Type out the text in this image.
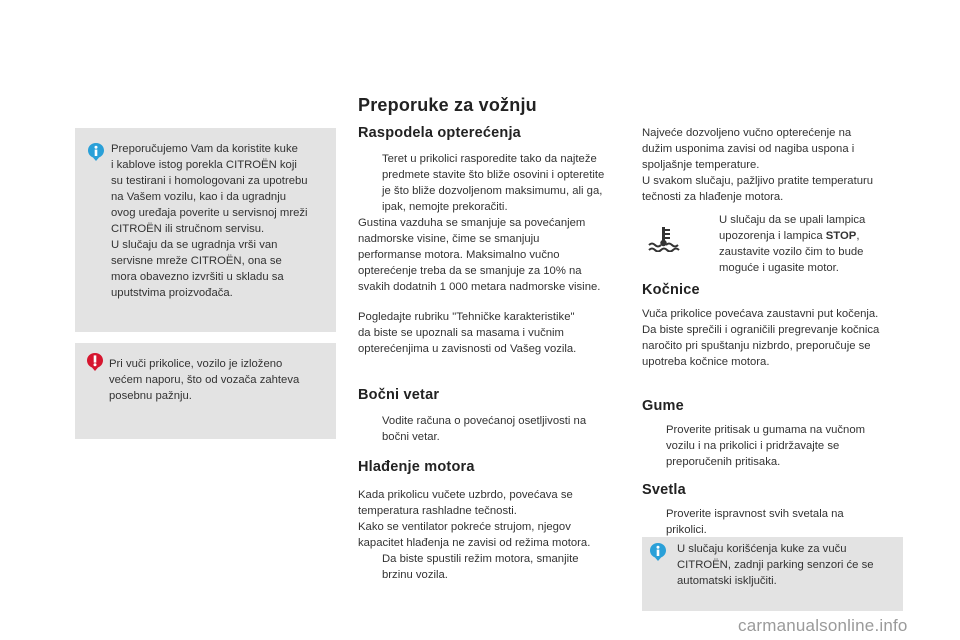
Preporučujemo Vam da koristite kuke

i kablove istog porekla CITROËN koji

su testirani i homologovani za upotrebu

na Vašem vozilu, kao i da ugradnju

ovog uređaja poverite u servisnoj mreži

CITROËN ili stručnom servisu.

U slučaju da se ugradnja vrši van

servisne mreže CITROËN, ona se

mora obavezno izvršiti u skladu sa

uputstvima proizvođača.

Pri vuči prikolice, vozilo je izloženo

većem naporu, što od vozača zahteva

posebnu pažnju.

Preporuke za vožnju
Raspodela opterećenja

Teret u prikolici rasporedite tako da najteže

predmete stavite što bliže osovini i opteretite

je što bliže dozvoljenom maksimumu, ali ga,

ipak, nemojte prekoračiti.

Gustina vazduha se smanjuje sa povećanjem

nadmorske visine, čime se smanjuju

performanse motora. Maksimalno vučno

opterećenje treba da se smanjuje za 10% na

svakih dodatnih 1 000 metara nadmorske visine.

Pogledajte rubriku "Tehničke karakteristike"

da biste se upoznali sa masama i vučnim

opterećenjima u zavisnosti od Vašeg vozila.

Bočni vetar

Vodite računa o povećanoj osetljivosti na

bočni vetar.

Hlađenje motora

Kada prikolicu vučete uzbrdo, povećava se

temperatura rashladne tečnosti.

Kako se ventilator pokreće strujom, njegov

kapacitet hlađenja ne zavisi od režima motora.

Da biste spustili režim motora, smanjite

brzinu vozila.

Najveće dozvoljeno vučno opterećenje na

dužim usponima zavisi od nagiba uspona i

spoljašnje temperature.

U svakom slučaju, pažljivo pratite temperaturu

tečnosti za hlađenje motora.

U slučaju da se upali lampica

upozorenja i lampica STOP,

zaustavite vozilo čim to bude

moguće i ugasite motor.

Kočnice

Vuča prikolice povećava zaustavni put kočenja.

Da biste sprečili i ograničili pregrevanje kočnica

naročito pri spuštanju nizbrdo, preporučuje se

upotreba kočnice motora.

Gume

Proverite pritisak u gumama na vučnom

vozilu i na prikolici i pridržavajte se

preporučenih pritisaka.

Svetla

Proverite ispravnost svih svetala na

prikolici.

U slučaju korišćenja kuke za vuču

CITROËN, zadnji parking senzori će se

automatski isključiti.

carmanualsonline.info
